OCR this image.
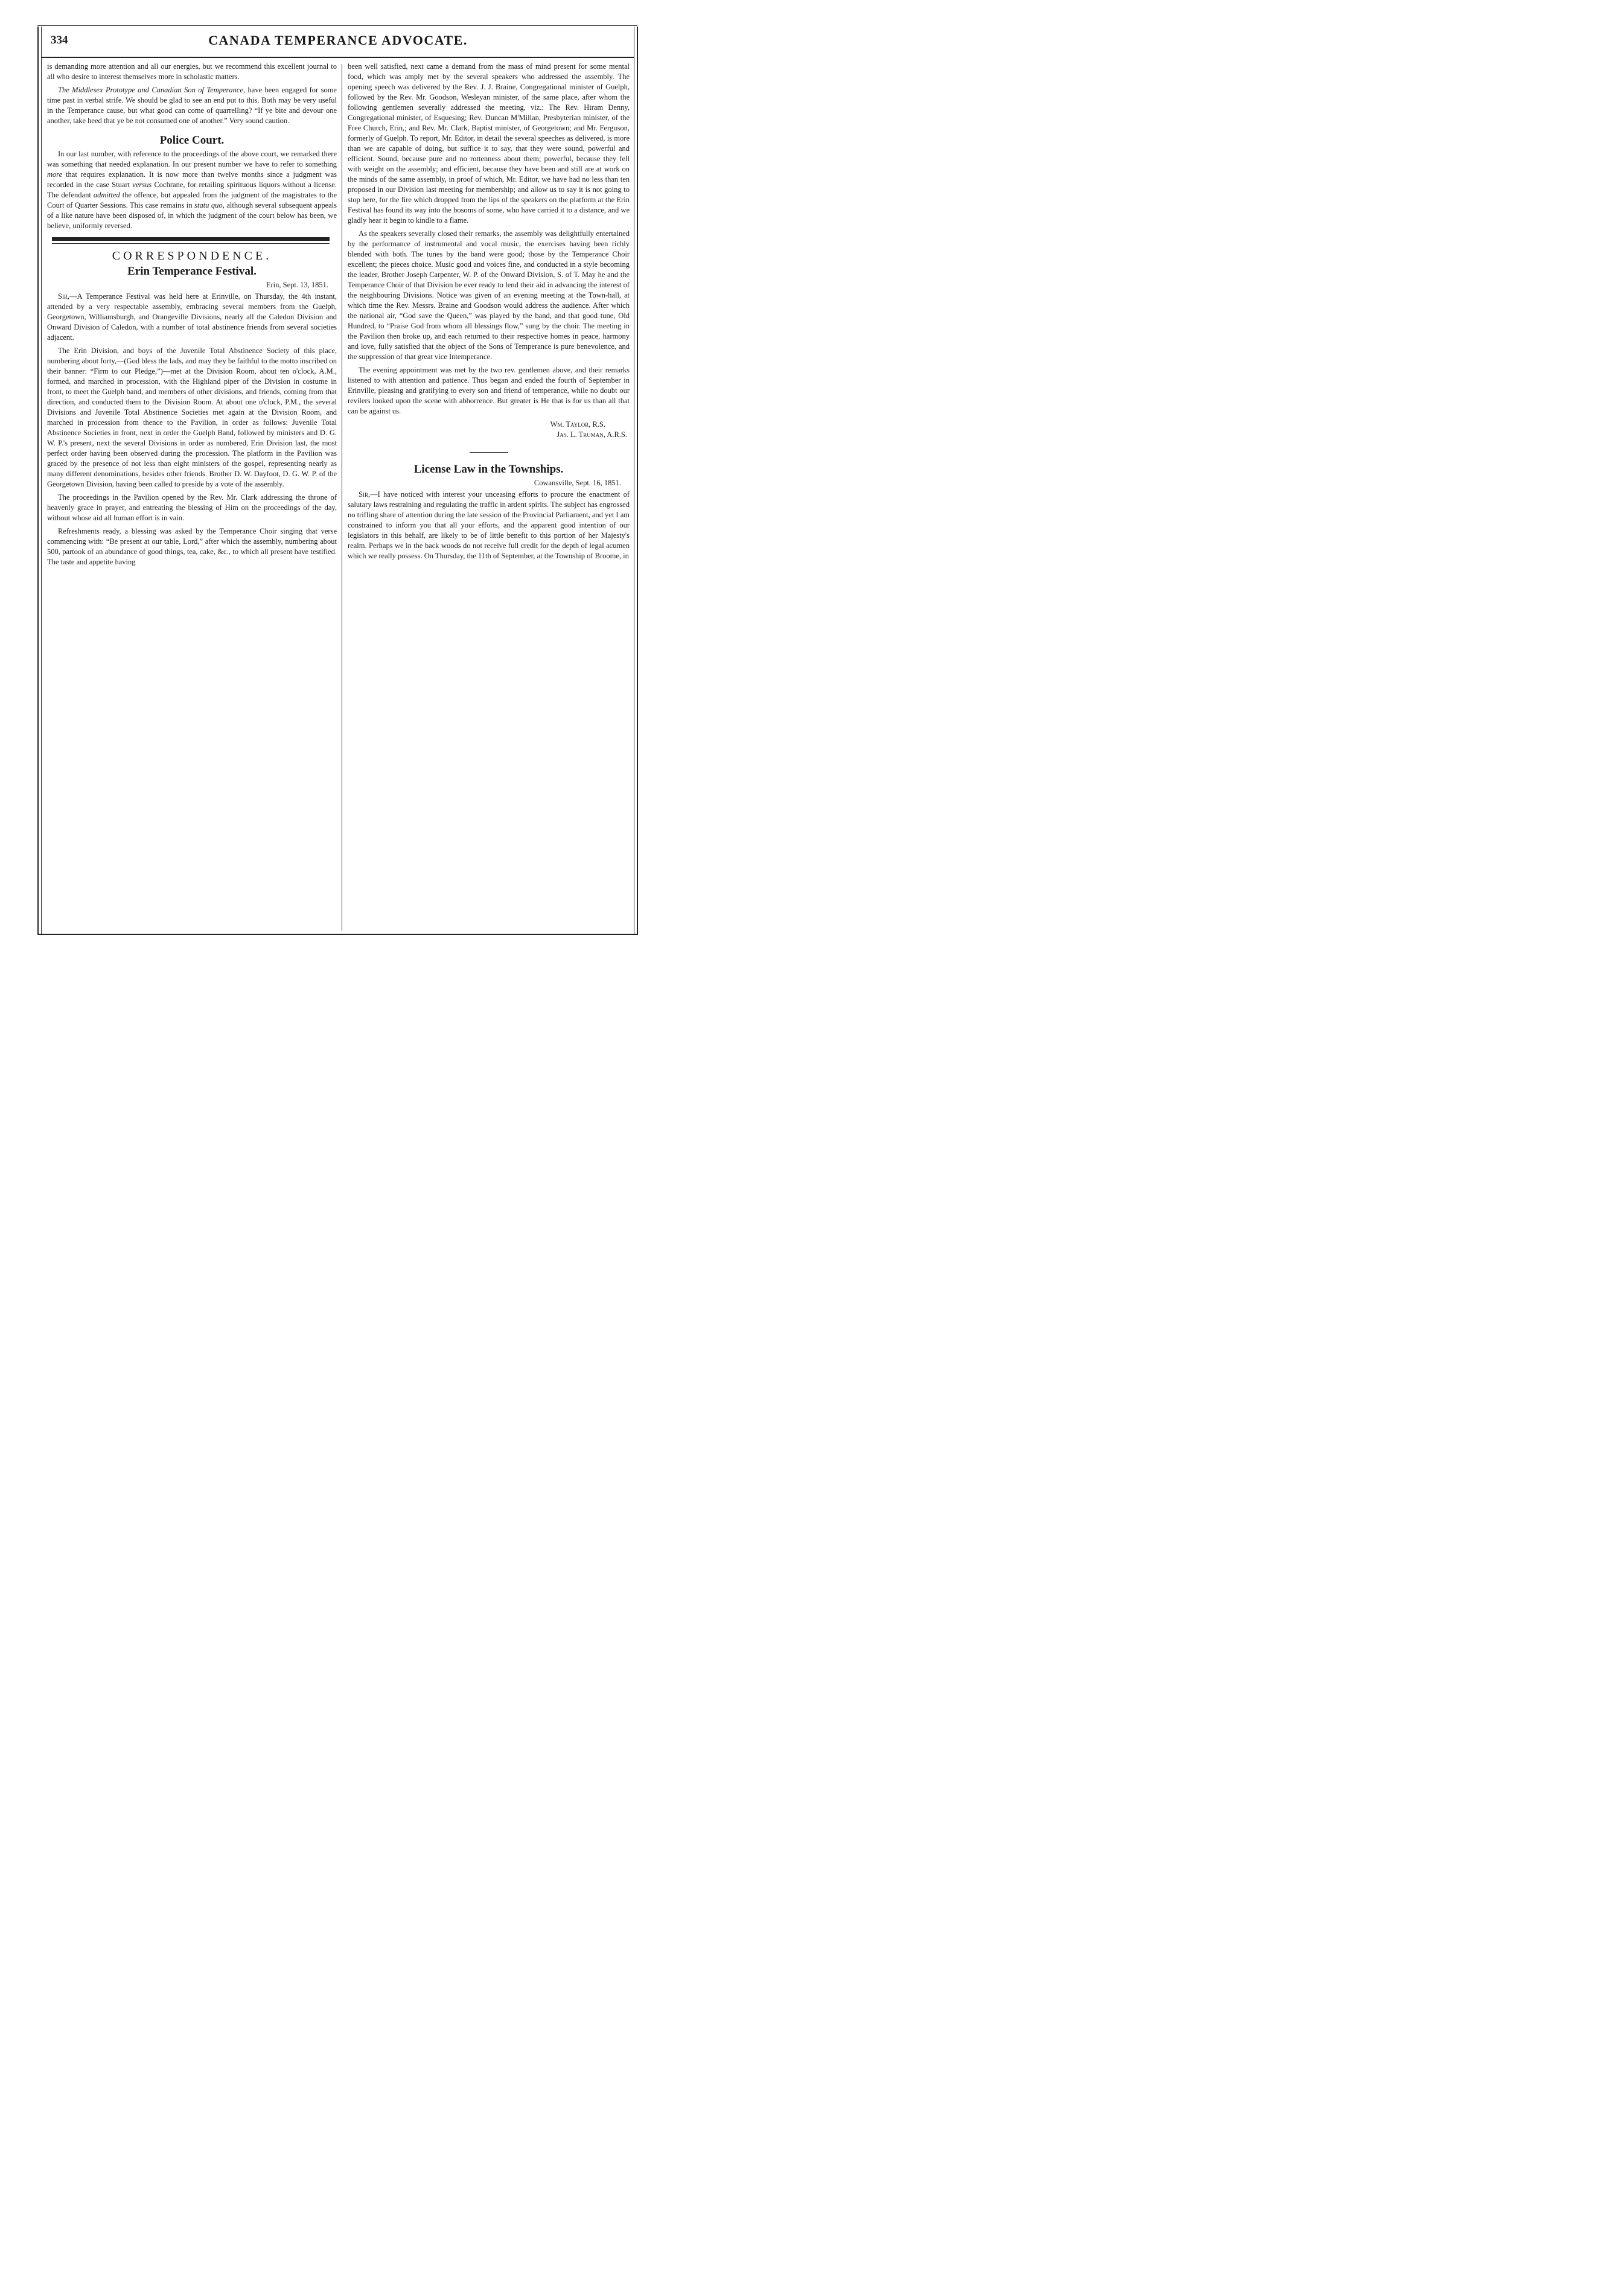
334	CANADA TEMPERANCE ADVOCATE.

is demanding more attention and all our energies, but we recommend this excellent journal to all who desire to interest themselves more in scholastic matters.

The Middlesex Prototype and Canadian Son of Temperance, have been engaged for some time past in verbal strife. We should be glad to see an end put to this. Both may be very useful in the Temperance cause, but what good can come of quarrelling? “If ye bite and devour one another, take heed that ye be not consumed one of another.” Very sound caution.

Police Court.

In our last number, with reference to the proceedings of the above court, we remarked there was something that needed explanation. In our present number we have to refer to something more that requires explanation. It is now more than twelve months since a judgment was recorded in the case Stuart versus Cochrane, for retailing spirituous liquors without a license. The defendant admitted the offence, but appealed from the judgment of the magistrates to the Court of Quarter Sessions. This case remains in statu quo, although several subsequent appeals of a like nature have been disposed of, in which the judgment of the court below has been, we believe, uniformly reversed.

CORRESPONDENCE.
Erin Temperance Festival.
Erin, Sept. 13, 1851.

Sir,—A Temperance Festival was held here at Erinville, on Thursday, the 4th instant, attended by a very respectable assembly, embracing several members from the Guelph, Georgetown, Williamsburgh, and Orangeville Divisions, nearly all the Caledon Division and Onward Division of Caledon, with a number of total abstinence friends from several societies adjacent.

The Erin Division, and boys of the Juvenile Total Abstinence Society of this place, numbering about forty,—(God bless the lads, and may they be faithful to the motto inscribed on their banner: “Firm to our Pledge,”)—met at the Division Room, about ten o'clock, A.M., formed, and marched in procession, with the Highland piper of the Division in costume in front, to meet the Guelph band, and members of other divisions, and friends, coming from that direction, and conducted them to the Division Room. At about one o'clock, P.M., the several Divisions and Juvenile Total Abstinence Societies met again at the Division Room, and marched in procession from thence to the Pavilion, in order as follows: Juvenile Total Abstinence Societies in front, next in order the Guelph Band, followed by ministers and D. G. W. P.'s present, next the several Divisions in order as numbered, Erin Division last, the most perfect order having been observed during the procession. The platform in the Pavilion was graced by the presence of not less than eight ministers of the gospel, representing nearly as many different denominations, besides other friends. Brother D. W. Dayfoot, D. G. W. P. of the Georgetown Division, having been called to preside by a vote of the assembly.

The proceedings in the Pavilion opened by the Rev. Mr. Clark addressing the throne of heavenly grace in prayer, and entreating the blessing of Him on the proceedings of the day, without whose aid all human effort is in vain.

Refreshments ready, a blessing was asked by the Temperance Choir singing that verse commencing with: “Be present at our table, Lord,” after which the assembly, numbering about 500, partook of an abundance of good things, tea, cake, &c., to which all present have testified. The taste and appetite having

been well satisfied, next came a demand from the mass of mind present for some mental food, which was amply met by the several speakers who addressed the assembly. The opening speech was delivered by the Rev. J. J. Braine, Congregational minister of Guelph, followed by the Rev. Mr. Goodson, Wesleyan minister, of the same place, after whom the following gentlemen severally addressed the meeting, viz.: The Rev. Hiram Denny, Congregational minister, of Esquesing; Rev. Duncan M'Millan, Presbyterian minister, of the Free Church, Erin,; and Rev. Mr. Clark, Baptist minister, of Georgetown; and Mr. Ferguson, formerly of Guelph. To report, Mr. Editor, in detail the several speeches as delivered, is more than we are capable of doing, but suffice it to say, that they were sound, powerful and efficient. Sound, because pure and no rottenness about them; powerful, because they fell with weight on the assembly; and efficient, because they have been and still are at work on the minds of the same assembly, in proof of which, Mr. Editor, we have had no less than ten proposed in our Division last meeting for membership; and allow us to say it is not going to stop here, for the fire which dropped from the lips of the speakers on the platform at the Erin Festival has found its way into the bosoms of some, who have carried it to a distance, and we gladly hear it begin to kindle to a flame.

As the speakers severally closed their remarks, the assembly was delightfully entertained by the performance of instrumental and vocal music, the exercises having been richly blended with both. The tunes by the band were good; those by the Temperance Choir excellent; the pieces choice. Music good and voices fine, and conducted in a style becoming the leader, Brother Joseph Carpenter, W. P. of the Onward Division, S. of T. May he and the Temperance Choir of that Division be ever ready to lend their aid in advancing the interest of the neighbouring Divisions. Notice was given of an evening meeting at the Town-hall, at which time the Rev. Messrs. Braine and Goodson would address the audience. After which the national air, “God save the Queen,” was played by the band, and that good tune, Old Hundred, to “Praise God from whom all blessings flow,” sung by the choir. The meeting in the Pavilion then broke up, and each returned to their respective homes in peace, harmony and love, fully satisfied that the object of the Sons of Temperance is pure benevolence, and the suppression of that great vice Intemperance.

The evening appointment was met by the two rev. gentlemen above, and their remarks listened to with attention and patience. Thus began and ended the fourth of September in Erinville, pleasing and gratifying to every son and friend of temperance, while no doubt our revilers looked upon the scene with abhorrence. But greater is He that is for us than all that can be against us.

Wm. Taylor, R.S.
Jas. L. Truman, A.R.S.
License Law in the Townships.
Cowansville, Sept. 16, 1851.

Sir,—I have noticed with interest your unceasing efforts to procure the enactment of salutary laws restraining and regulating the traffic in ardent spirits. The subject has engrossed no trifling share of attention during the late session of the Provincial Parliament, and yet I am constrained to inform you that all your efforts, and the apparent good intention of our legislators in this behalf, are likely to be of little benefit to this portion of her Majesty's realm. Perhaps we in the back woods do not receive full credit for the depth of legal acumen which we really possess. On Thursday, the 11th of September, at the Township of Broome, in
